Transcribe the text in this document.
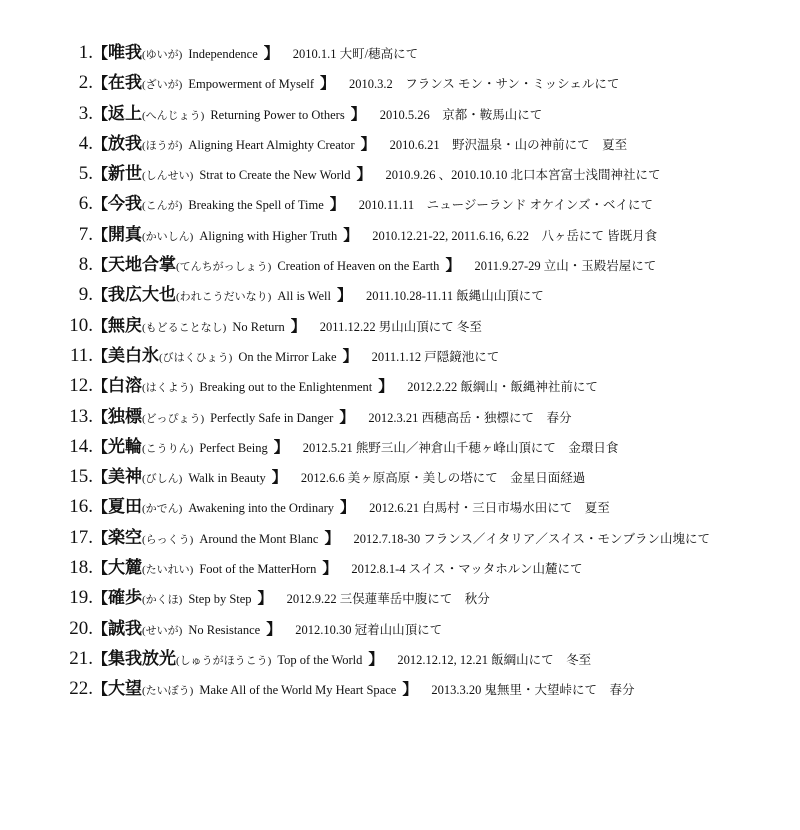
1. 【唯我(ゆいが) Independence 】 2010.1.1 大町/穂高にて
2. 【在我(ざいが) Empowerment of Myself 】 2010.3.2　フランス モン・サン・ミッシェルにて
3. 【返上(へんじょう) Returning Power to Others 】 2010.5.26　京都・鞍馬山にて
4. 【放我(ほうが) Aligning Heart Almighty Creator 】 2010.6.21　野沢温泉・山の神前にて　夏至
5. 【新世(しんせい) Strat to Create the New World 】 2010.9.26 、2010.10.10 北口本宮富士浅間神社にて
6. 【今我(こんが) Breaking the Spell of Time 】 2010.11.11　ニュージーランド オケインズ・ベイにて
7. 【開真(かいしん) Aligning with Higher Truth 】 2010.12.21-22, 2011.6.16, 6.22　八ヶ岳にて 皆既月食
8. 【天地合掌(てんちがっしょう) Creation of Heaven on the Earth 】 2011.9.27-29 立山・玉殿岩屋にて
9. 【我広大也(われこうだいなり) All is Well 】 2011.10.28-11.11 飯縄山山頂にて
10. 【無戻(もどることなし) No Return 】 2011.12.22 男山山頂にて 冬至
11. 【美白氷(びはくひょう) On the Mirror Lake 】 2011.1.12 戸隠鏡池にて
12. 【白溶(はくよう) Breaking out to the Enlightenment 】 2012.2.22 飯綱山・飯縄神社前にて
13. 【独標(どっぴょう) Perfectly Safe in Danger 】 2012.3.21 西穂高岳・独標にて　春分
14. 【光輪(こうりん) Perfect Being 】 2012.5.21 熊野三山／神倉山千穂ヶ峰山頂にて　金環日食
15. 【美神(びしん) Walk in Beauty 】 2012.6.6 美ヶ原高原・美しの塔にて　金星日面経過
16. 【夏田(かでん) Awakening into the Ordinary 】 2012.6.21 白馬村・三日市場水田にて　夏至
17. 【楽空(らっくう) Around the Mont Blanc 】 2012.7.18-30 フランス／イタリア／スイス・モンブラン山塊にて
18. 【大麓(たいれい) Foot of the MatterHorn 】 2012.8.1-4 スイス・マッタホルン山麓にて
19. 【確歩(かくほ) Step by Step 】 2012.9.22 三俣蓮華岳中腹にて　秋分
20. 【誠我(せいが) No Resistance 】 2012.10.30 冠着山山頂にて
21. 【集我放光(しゅうがほうこう) Top of the World 】 2012.12.12, 12.21 飯綱山にて　冬至
22. 【大望(たいぼう) Make All of the World My Heart Space 】 2013.3.20 鬼無里・大望峠にて　春分
